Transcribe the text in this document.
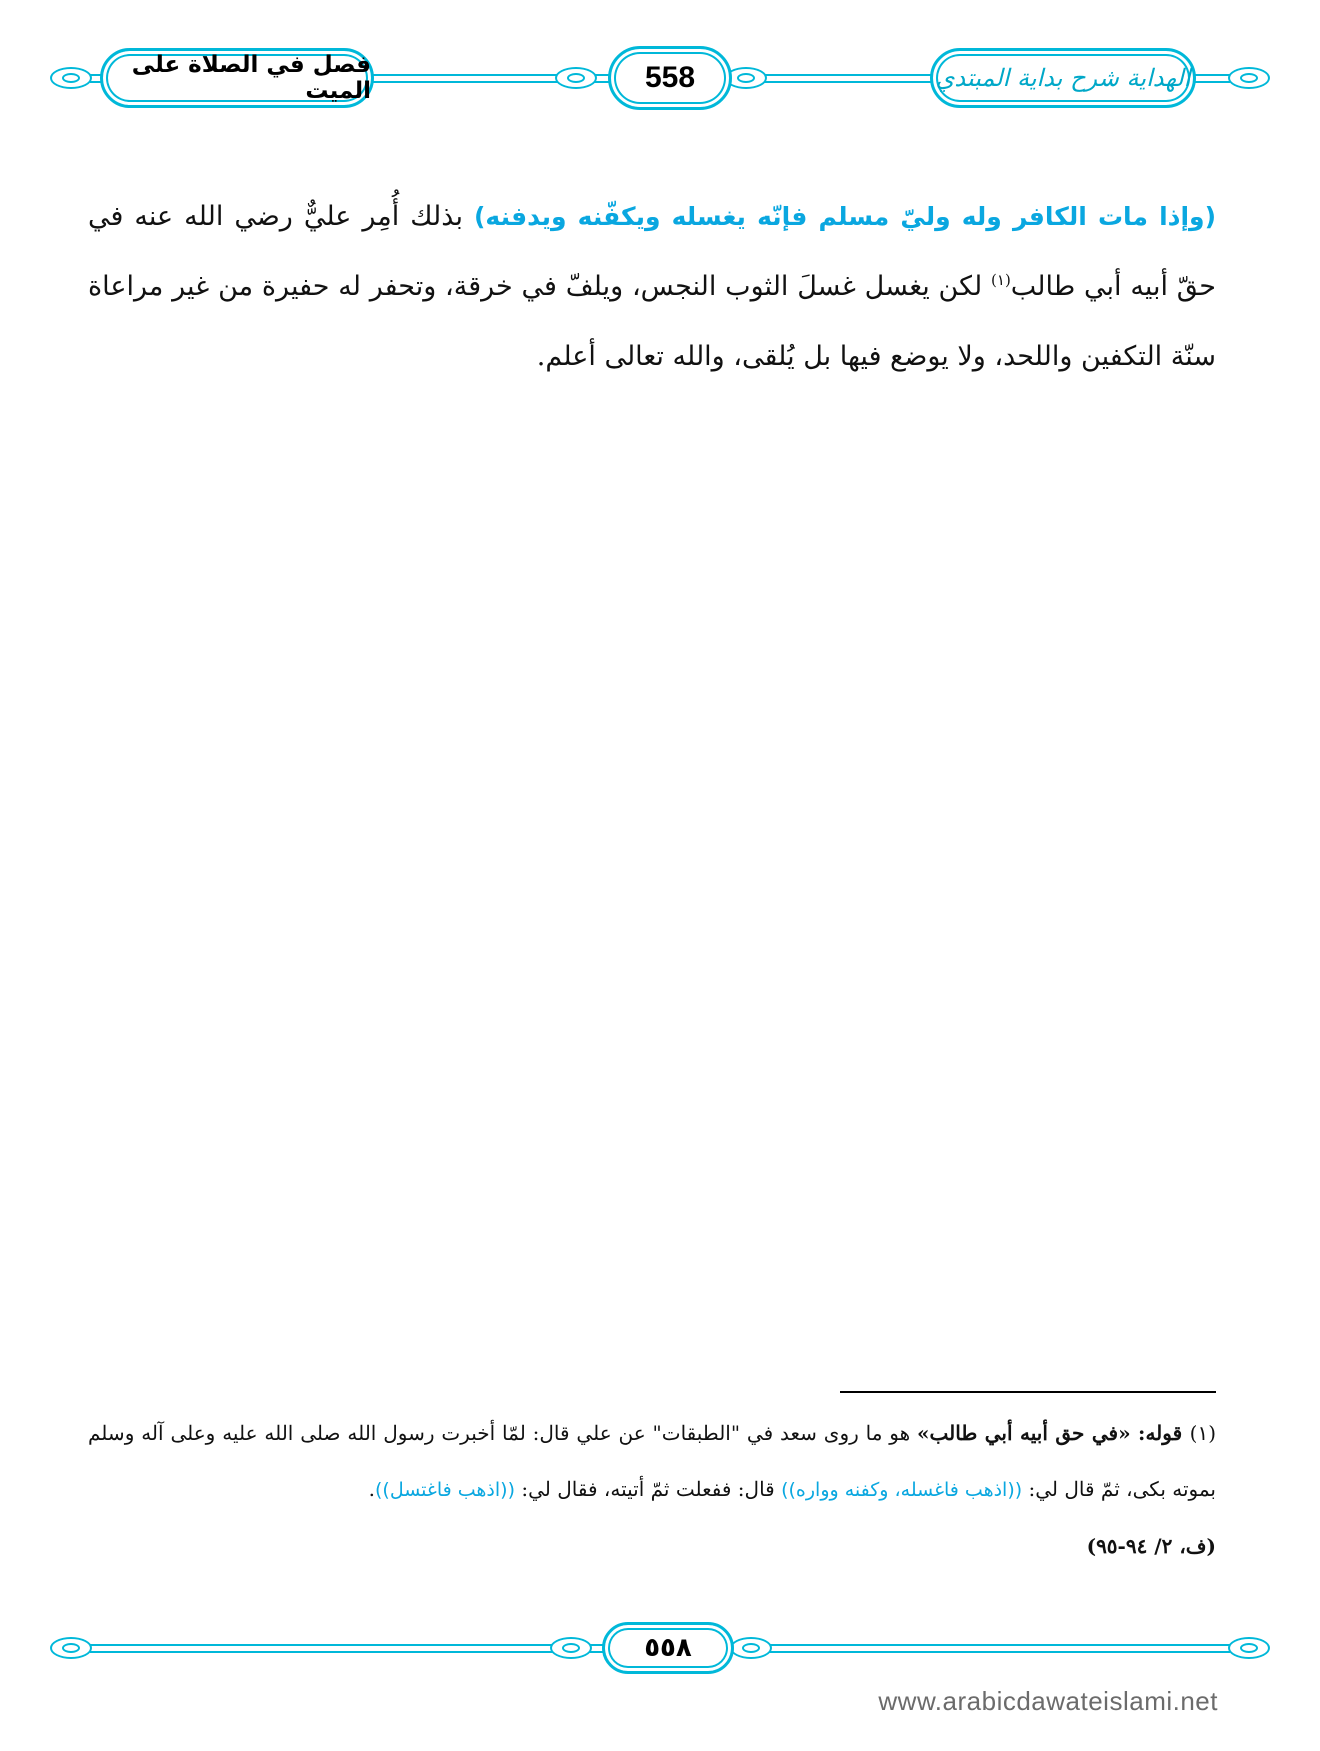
فصل في الصلاة على الميت	558	الهداية شرح بداية المبتدي
(وإذا مات الكافر وله وليّ مسلم فإنّه يغسله ويكفّنه ويدفنه) بذلك أُمِر عليٌّ رضي الله عنه في حقّ أبيه أبي طالب$^{(١)}$ لكن يغسل غسلَ الثوب النجس، ويلفّ في خرقة، وتحفر له حفيرة من غير مراعاة سنّة التكفين واللحد، ولا يوضع فيها بل يُلقى، والله تعالى أعلم.
(١) قوله: «في حق أبيه أبي طالب» هو ما روى سعد في "الطبقات" عن علي قال: لمّا أخبرت رسول الله صلى الله عليه وعلى آله وسلم بموته بكى، ثمّ قال لي: ((اذهب فاغسله، وكفنه وواره)) قال: ففعلت ثمّ أتيته، فقال لي: ((اذهب فاغتسل)).
(ف، ٢/ ٩٤-٩٥)
٥٥٨
www.arabicdawateislami.net
